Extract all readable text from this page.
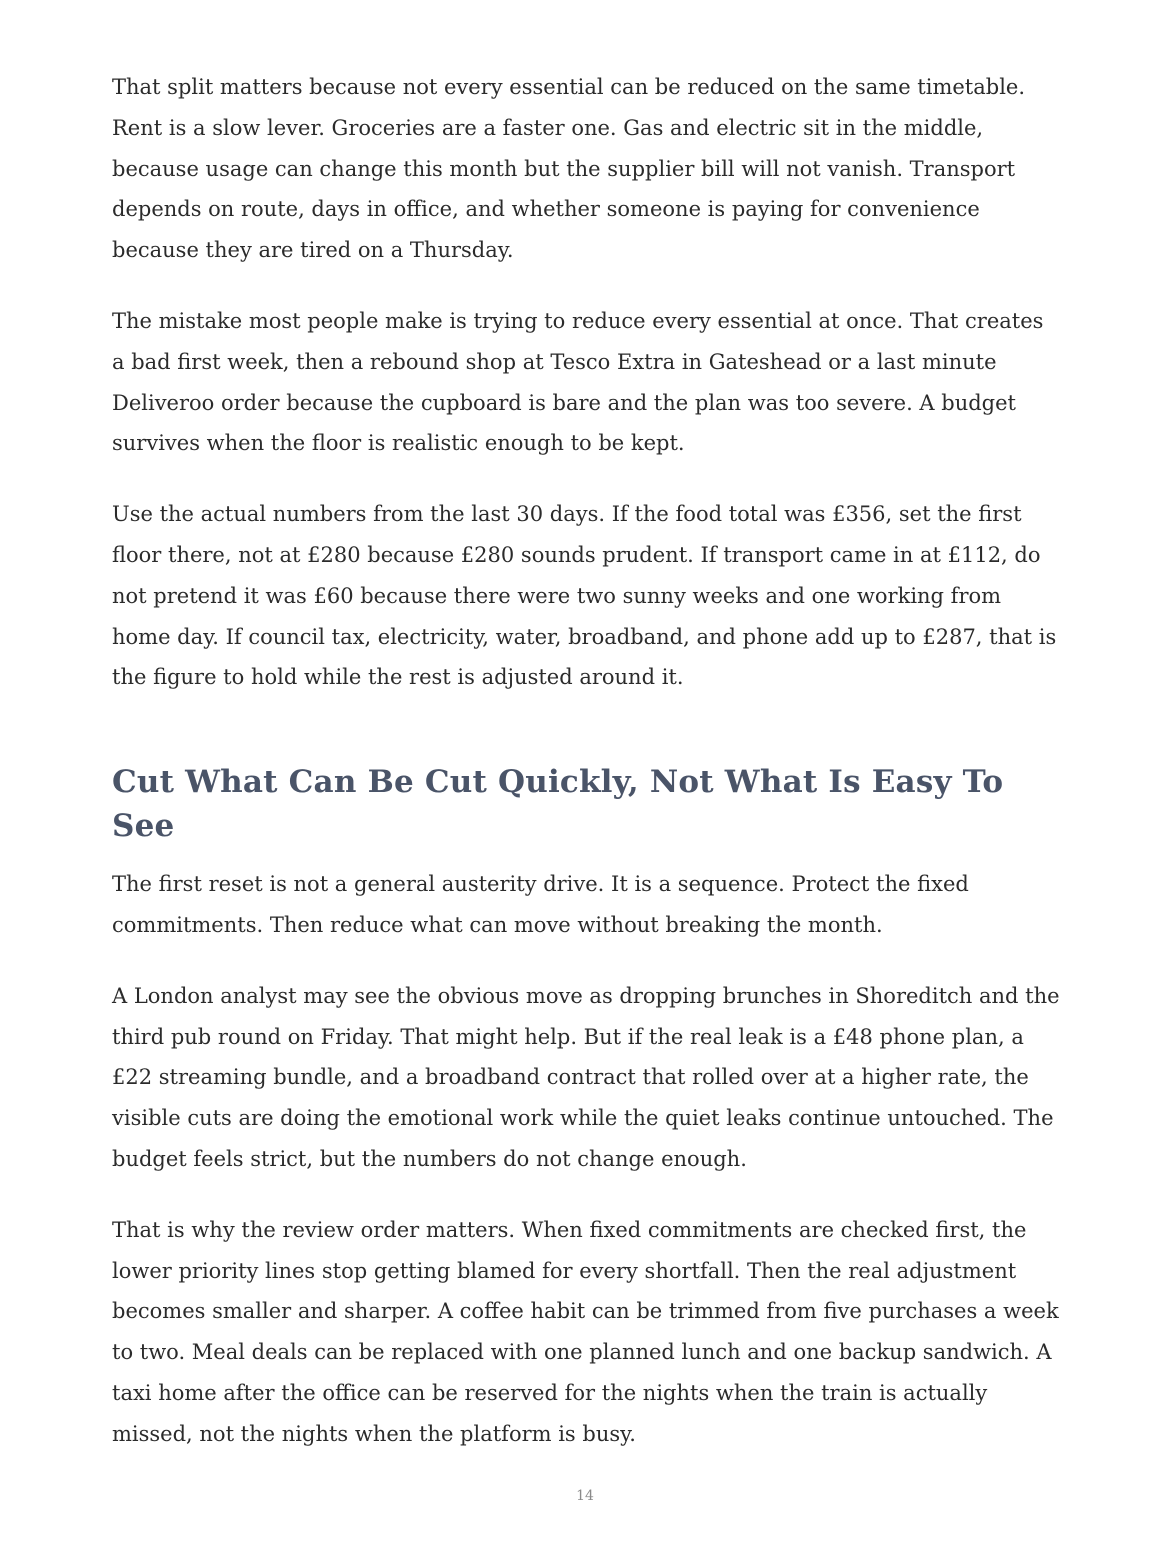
That split matters because not every essential can be reduced on the same timetable. Rent is a slow lever. Groceries are a faster one. Gas and electric sit in the middle, because usage can change this month but the supplier bill will not vanish. Transport depends on route, days in office, and whether someone is paying for convenience because they are tired on a Thursday.

The mistake most people make is trying to reduce every essential at once. That creates a bad first week, then a rebound shop at Tesco Extra in Gateshead or a last minute Deliveroo order because the cupboard is bare and the plan was too severe. A budget survives when the floor is realistic enough to be kept.

Use the actual numbers from the last 30 days. If the food total was £356, set the first floor there, not at £280 because £280 sounds prudent. If transport came in at £112, do not pretend it was £60 because there were two sunny weeks and one working from home day. If council tax, electricity, water, broadband, and phone add up to £287, that is the figure to hold while the rest is adjusted around it.

Cut What Can Be Cut Quickly, Not What Is Easy To See

The first reset is not a general austerity drive. It is a sequence. Protect the fixed commitments. Then reduce what can move without breaking the month.

A London analyst may see the obvious move as dropping brunches in Shoreditch and the third pub round on Friday. That might help. But if the real leak is a £48 phone plan, a £22 streaming bundle, and a broadband contract that rolled over at a higher rate, the visible cuts are doing the emotional work while the quiet leaks continue untouched. The budget feels strict, but the numbers do not change enough.

That is why the review order matters. When fixed commitments are checked first, the lower priority lines stop getting blamed for every shortfall. Then the real adjustment becomes smaller and sharper. A coffee habit can be trimmed from five purchases a week to two. Meal deals can be replaced with one planned lunch and one backup sandwich. A taxi home after the office can be reserved for the nights when the train is actually missed, not the nights when the platform is busy.

14
